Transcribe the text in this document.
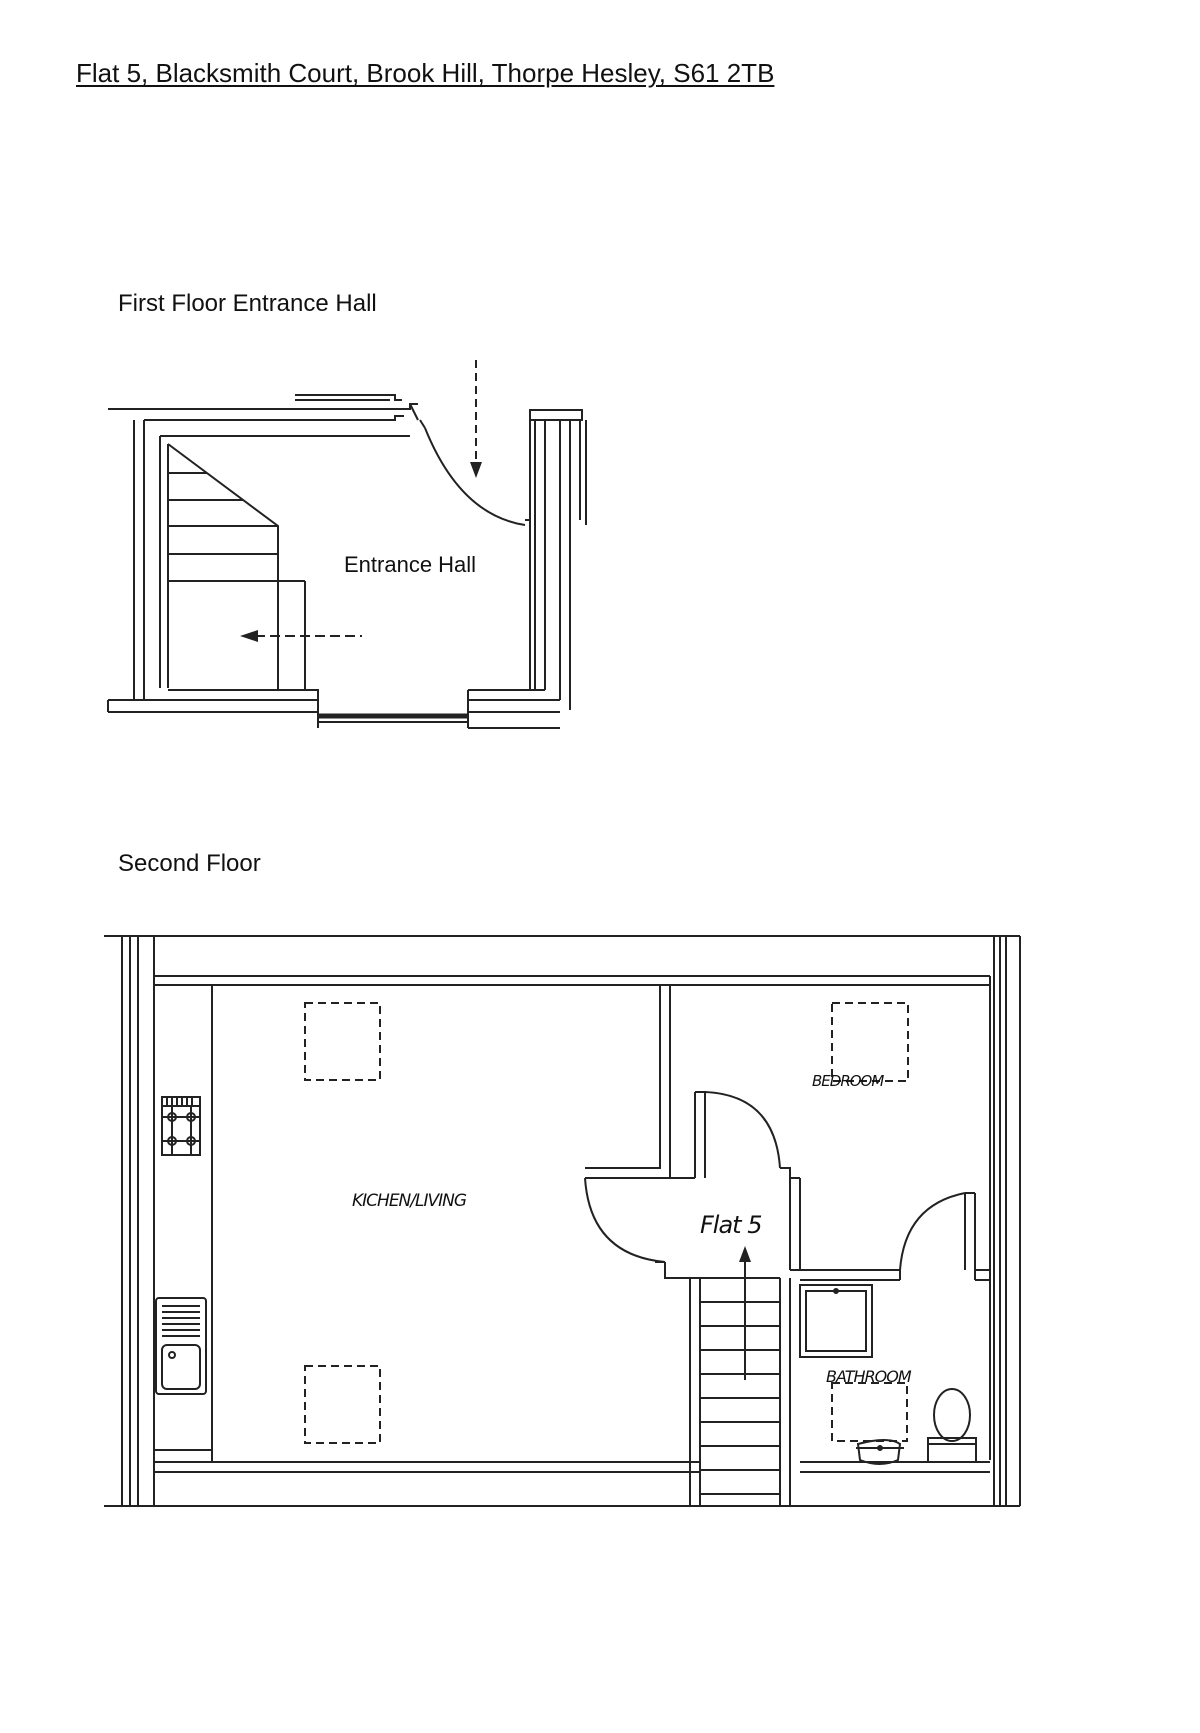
Flat 5, Blacksmith Court, Brook Hill, Thorpe Hesley, S61 2TB
First Floor Entrance Hall
Second Floor
Entrance Hall
KICHEN/LIVING
BEDROOM
Flat 5
BATHROOM
